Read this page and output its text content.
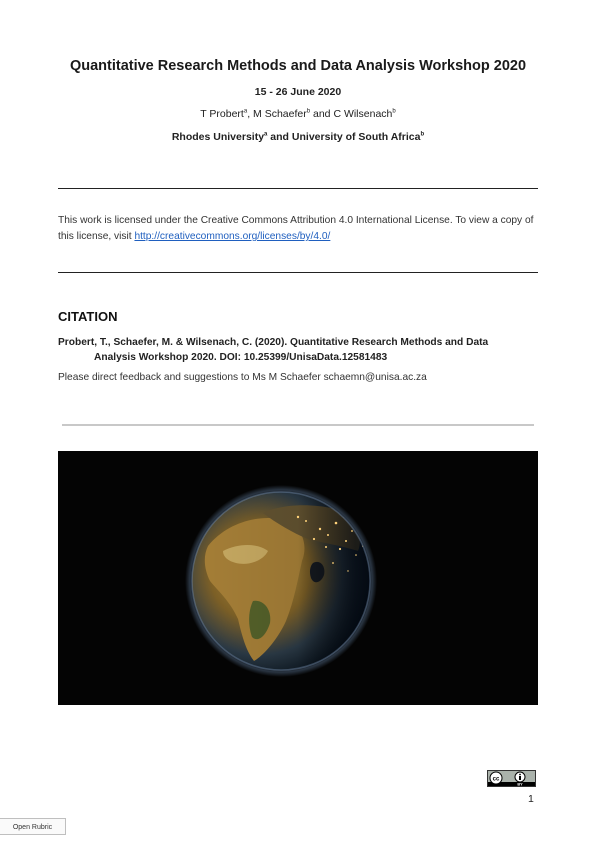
Quantitative Research Methods and Data Analysis Workshop 2020
15 - 26 June 2020
T Probert$^a$, M Schaefer$^b$ and C Wilsenach$^b$
Rhodes University$^a$ and University of South Africa$^b$
This work is licensed under the Creative Commons Attribution 4.0 International License. To view a copy of this license, visit http://creativecommons.org/licenses/by/4.0/
CITATION
Probert, T., Schaefer, M. & Wilsenach, C. (2020). Quantitative Research Methods and Data
Analysis Workshop 2020. DOI: 10.25399/UnisaData.12581483
Please direct feedback and suggestions to Ms M Schaefer schaemn@unisa.ac.za
cc
BY
1
Open Rubric
